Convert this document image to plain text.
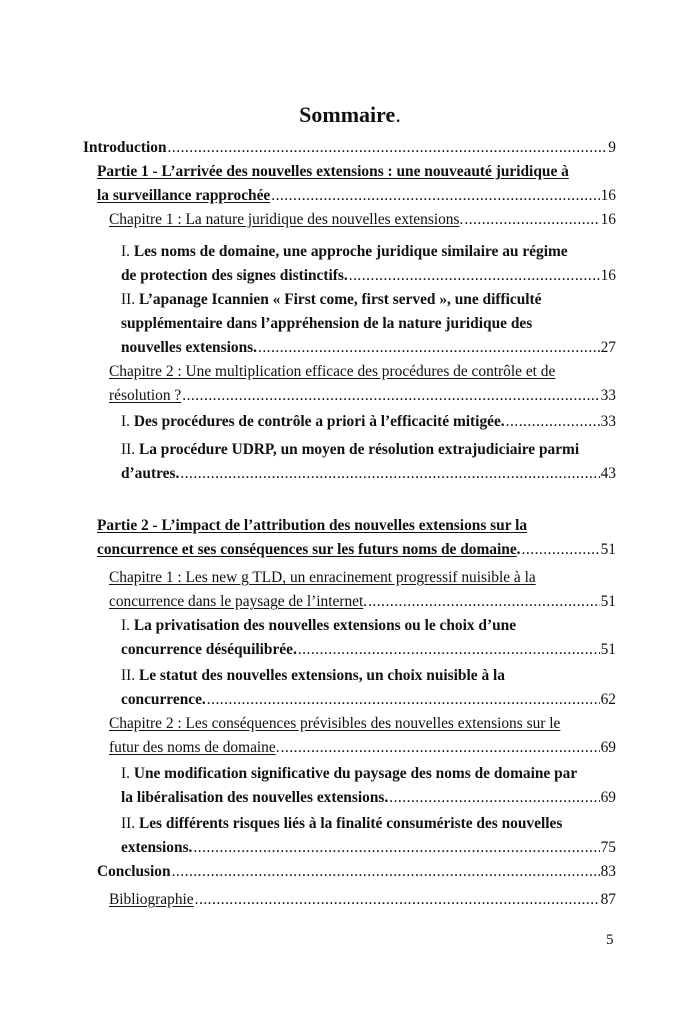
Sommaire.
Introduction .....	9
Partie 1 - L’arrivée des nouvelles extensions : une nouveauté juridique à
la surveillance rapprochée .....	16
Chapitre 1 : La nature juridique des nouvelles extensions. .....	16
I. Les noms de domaine, une approche juridique similaire au régime
de protection des signes distinctifs. .....	16
II. L’apanage Icannien « First come, first served », une difficulté
supplémentaire dans l’appréhension de la nature juridique des
nouvelles extensions. .....	27
Chapitre 2 : Une multiplication efficace des procédures de contrôle et de
résolution ? .....	33
I. Des procédures de contrôle a priori à l’efficacité mitigée. .....	33
II. La procédure UDRP, un moyen de résolution extrajudiciaire parmi
d’autres. .....	43
Partie 2 - L’impact de l’attribution des nouvelles extensions sur la
concurrence et ses conséquences sur les futurs noms de domaine. .....	51
Chapitre 1 : Les new g TLD, un enracinement progressif nuisible à la
concurrence dans le paysage de l’internet. .....	51
I. La privatisation des nouvelles extensions ou le choix d’une
concurrence déséquilibrée. .....	51
II. Le statut des nouvelles extensions, un choix nuisible à la
concurrence. .....	62
Chapitre 2 : Les conséquences prévisibles des nouvelles extensions sur le
futur des noms de domaine. .....	69
I. Une modification significative du paysage des noms de domaine par
la libéralisation des nouvelles extensions. .....	69
II. Les différents risques liés à la finalité consumériste des nouvelles
extensions. .....	75
Conclusion .....	83
Bibliographie .....	87
5
